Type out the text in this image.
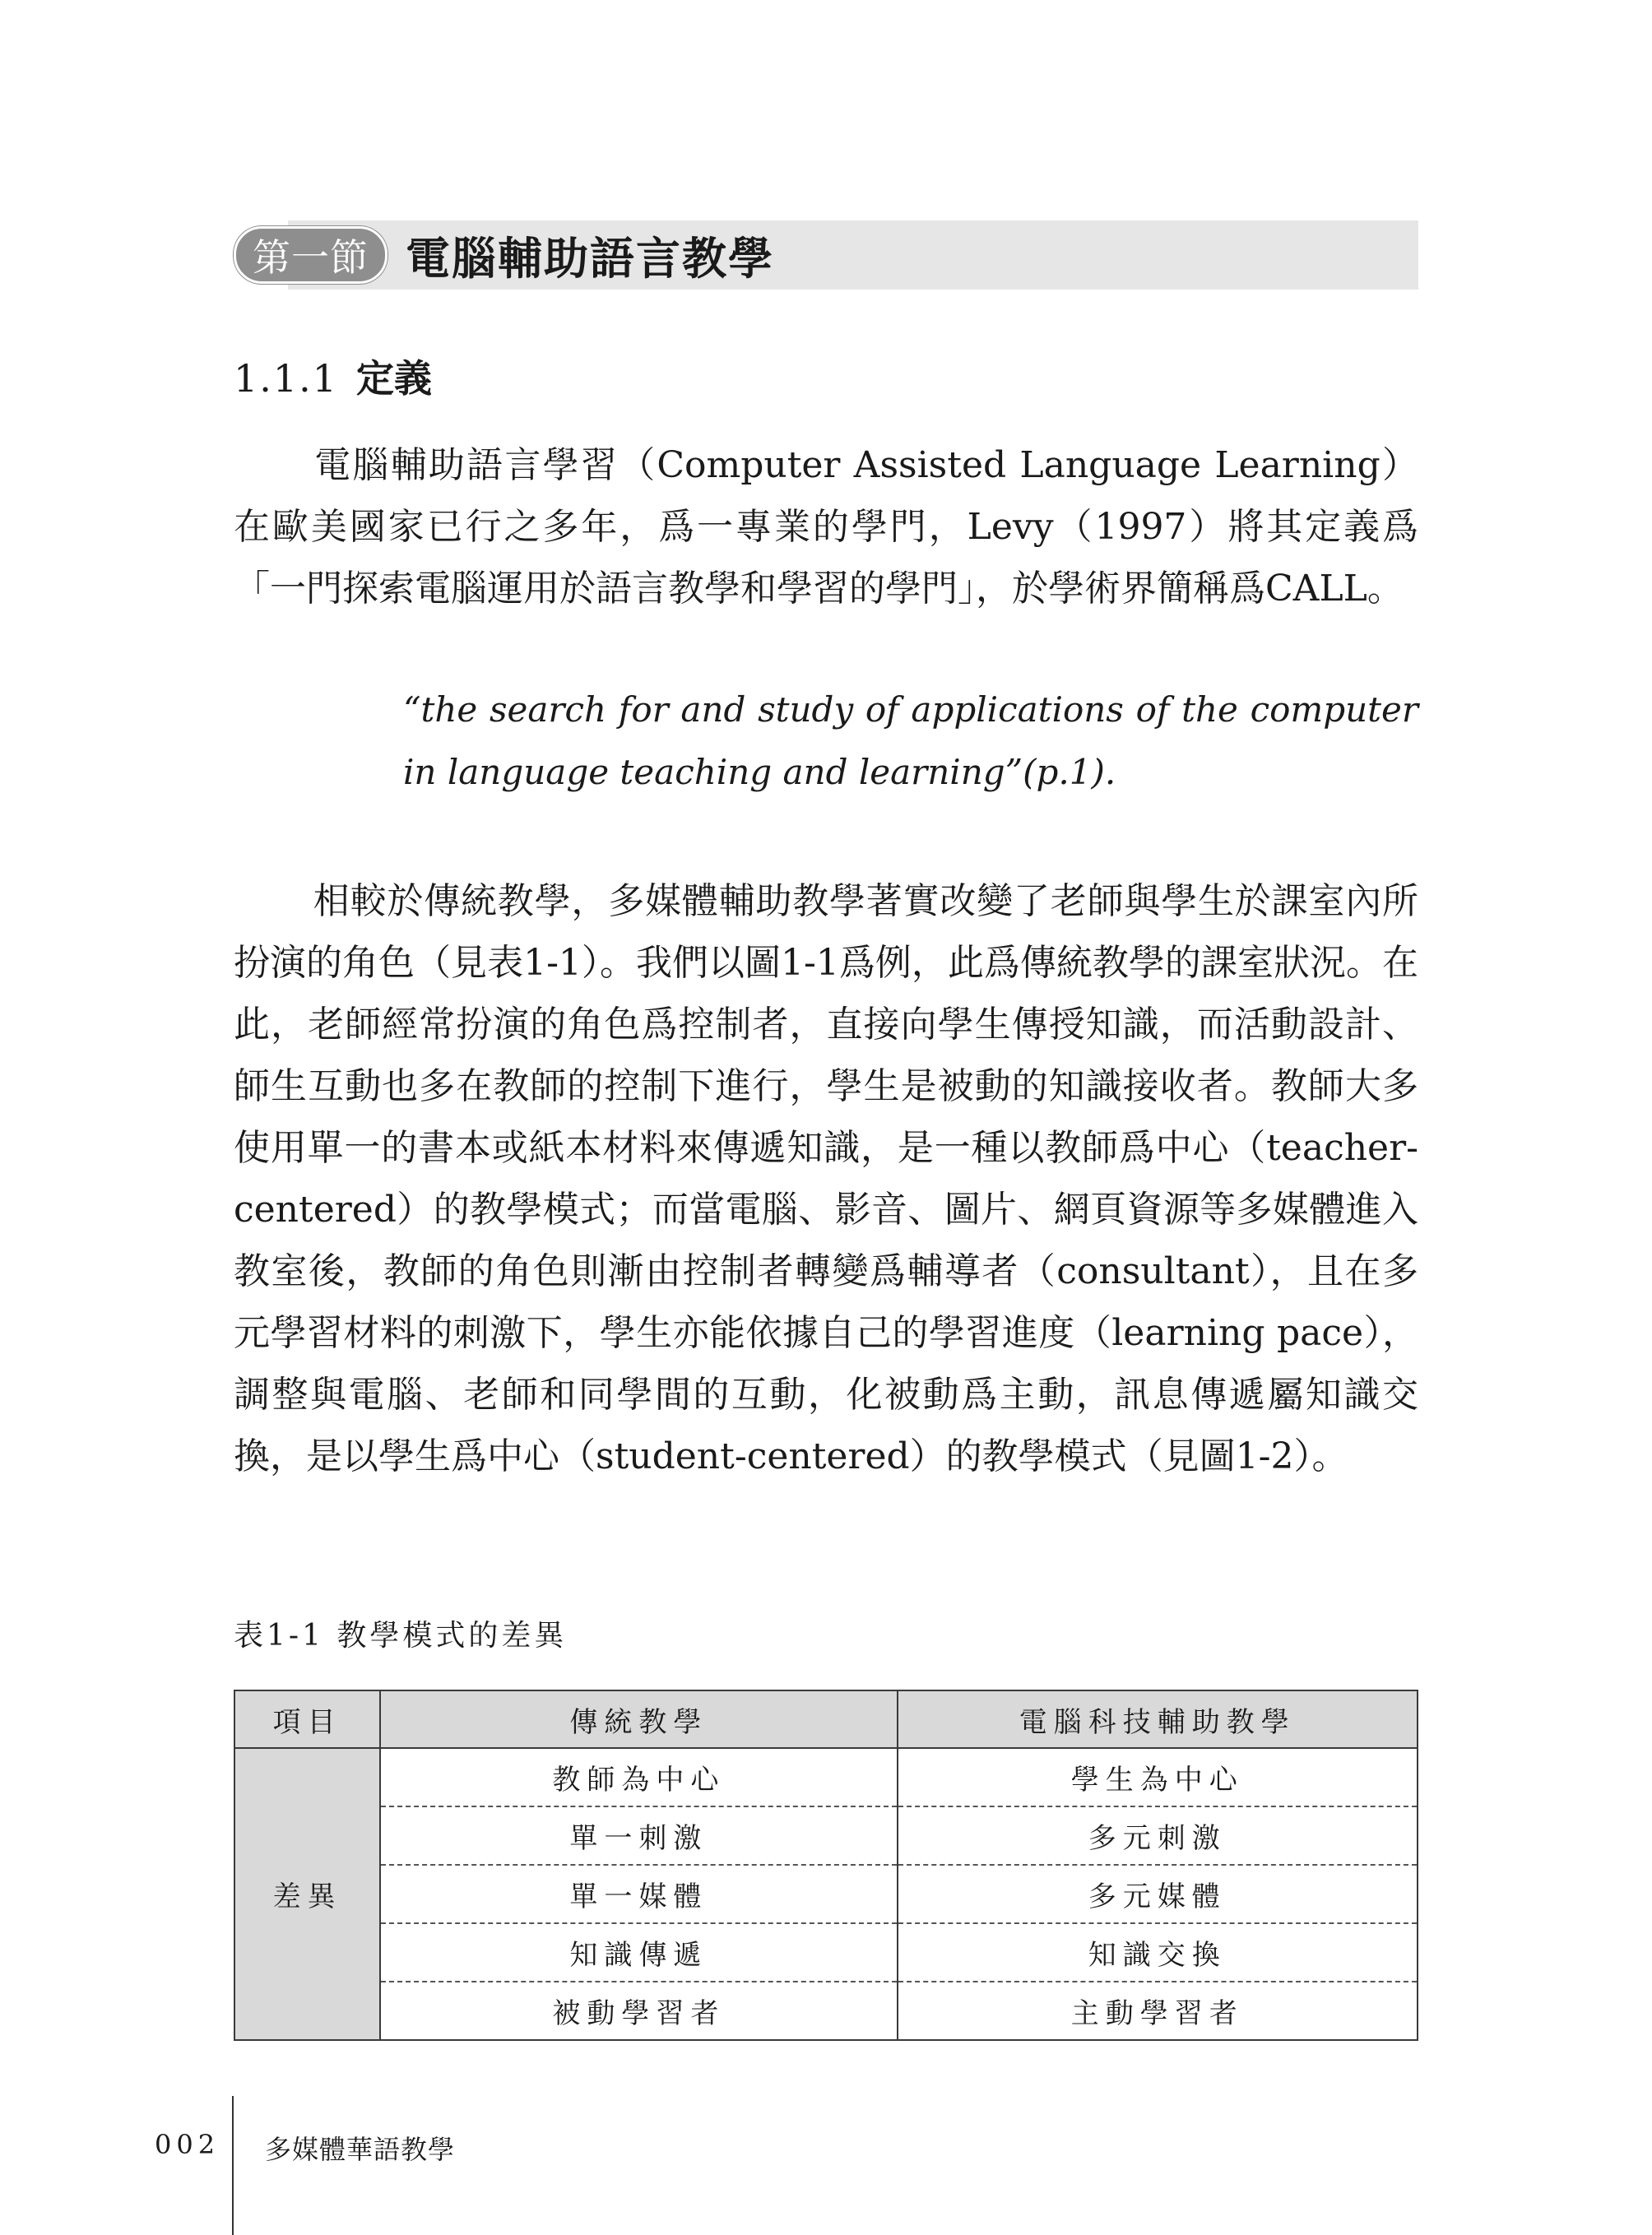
第一節 電腦輔助語言教學
1.1.1 定義

電腦輔助語言學習（Computer Assisted Language Learning）在歐美國家已行之多年，爲一專業的學門，Levy（1997）將其定義爲「一門探索電腦運用於語言教學和學習的學門」，於學術界簡稱爲CALL。

“the search for and study of applications of the computer in language teaching and learning”(p.1).

相較於傳統教學，多媒體輔助教學著實改變了老師與學生於課室內所扮演的角色（見表1-1）。我們以圖1-1爲例，此爲傳統教學的課室狀況。在此，老師經常扮演的角色爲控制者，直接向學生傳授知識，而活動設計、師生互動也多在教師的控制下進行，學生是被動的知識接收者。教師大多使用單一的書本或紙本材料來傳遞知識，是一種以教師爲中心（teacher-centered）的教學模式；而當電腦、影音、圖片、網頁資源等多媒體進入教室後，教師的角色則漸由控制者轉變爲輔導者（consultant），且在多元學習材料的刺激下，學生亦能依據自己的學習進度（learning pace），調整與電腦、老師和同學間的互動，化被動爲主動，訊息傳遞屬知識交換，是以學生爲中心（student-centered）的教學模式（見圖1-2）。

表1-1 教學模式的差異
項目	傳統教學	電腦科技輔助教學
差異	教師為中心	學生為中心
	單一刺激	多元刺激
	單一媒體	多元媒體
	知識傳遞	知識交換
	被動學習者	主動學習者
002 多媒體華語教學
